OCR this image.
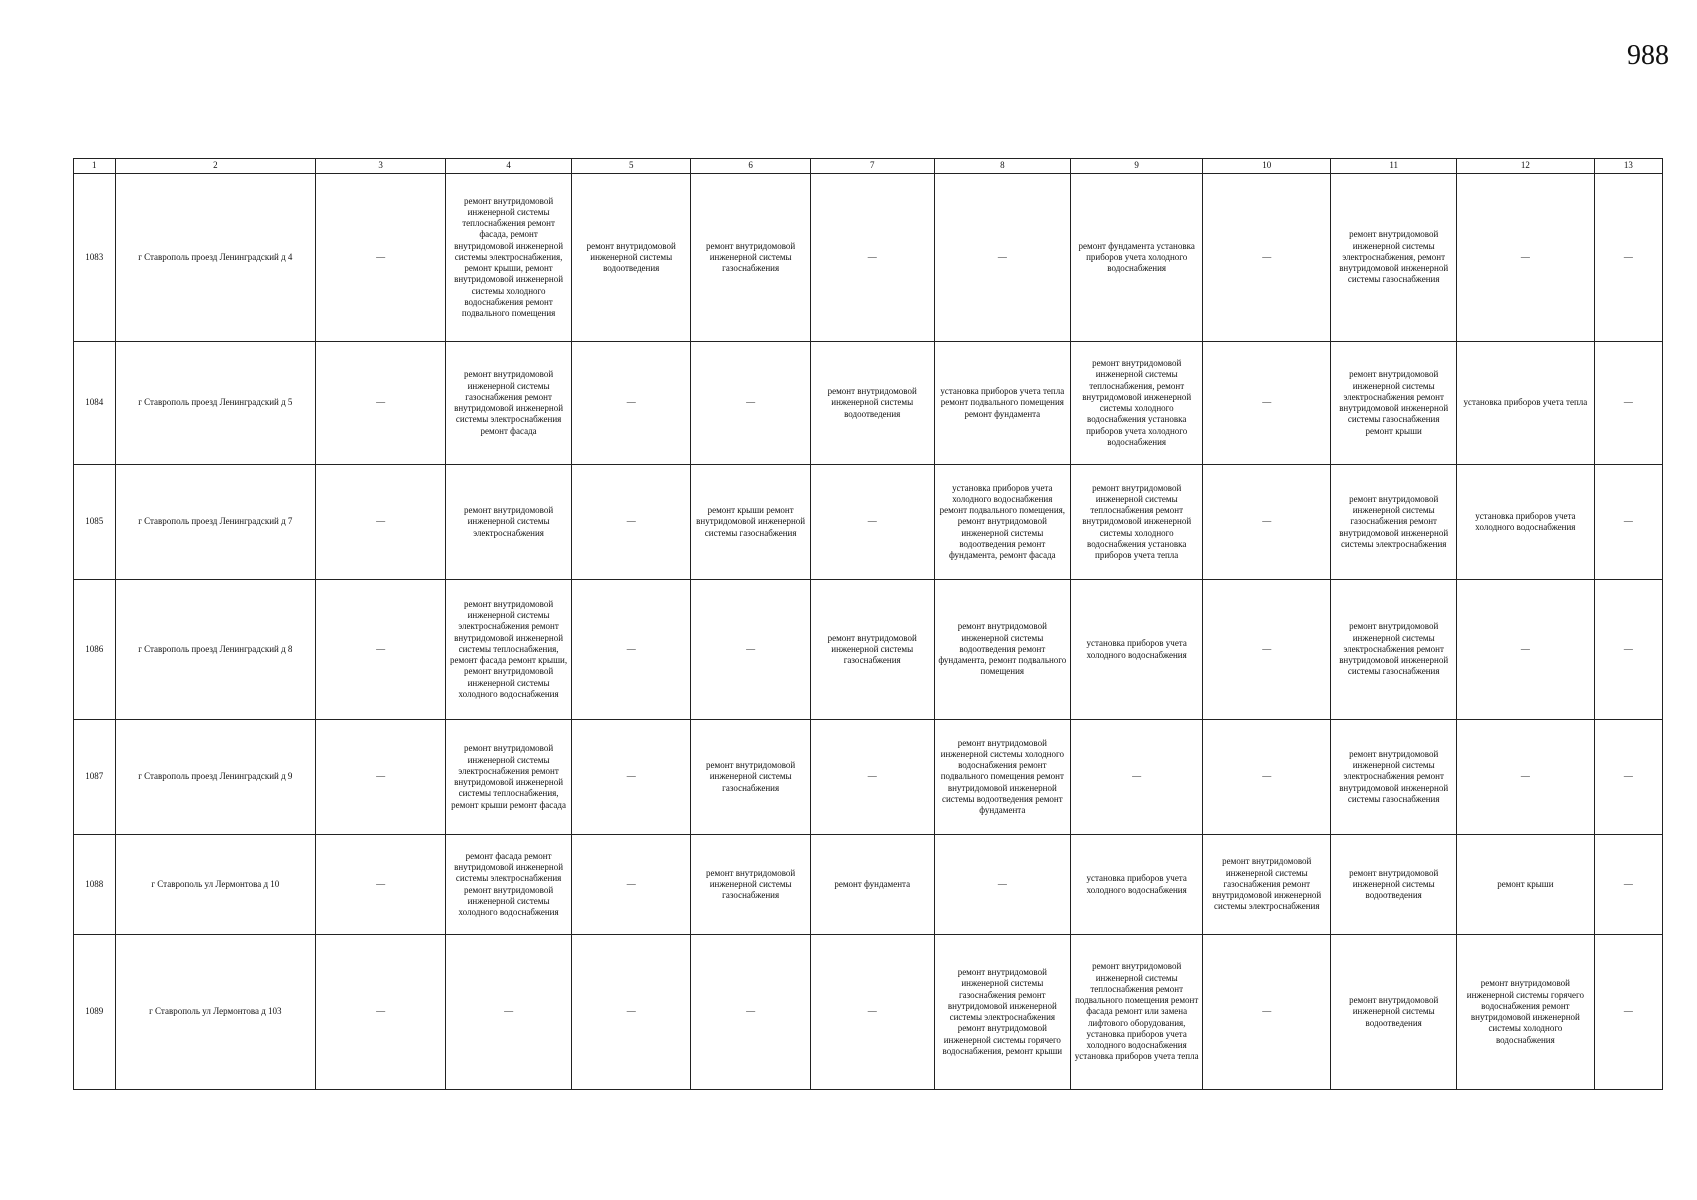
988
1	2	3	4	5	6	7	8	9	10	11	12	13
1083	г Ставрополь проезд Ленинградский д 4	—	ремонт внутридомовой инженерной системы теплоснабжения ремонт фасада, ремонт внутридомовой инженерной системы электроснабжения, ремонт крыши, ремонт внутридомовой инженерной системы холодного водоснабжения ремонт подвального помещения	ремонт внутридомовой инженерной системы водоотведения	ремонт внутридомовой инженерной системы газоснабжения	—	—	ремонт фундамента установка приборов учета холодного водоснабжения	—	ремонт внутридомовой инженерной системы электроснабжения, ремонт внутридомовой инженерной системы газоснабжения	—	—
1084	г Ставрополь проезд Ленинградский д 5	—	ремонт внутридомовой инженерной системы газоснабжения ремонт внутридомовой инженерной системы электроснабжения ремонт фасада	—	—	ремонт внутридомовой инженерной системы водоотведения	установка приборов учета тепла ремонт подвального помещения ремонт фундамента	ремонт внутридомовой инженерной системы теплоснабжения, ремонт внутридомовой инженерной системы холодного водоснабжения установка приборов учета холодного водоснабжения	—	ремонт внутридомовой инженерной системы электроснабжения ремонт внутридомовой инженерной системы газоснабжения ремонт крыши	установка приборов учета тепла	—
1085	г Ставрополь проезд Ленинградский д 7	—	ремонт внутридомовой инженерной системы электроснабжения	—	ремонт крыши ремонт внутридомовой инженерной системы газоснабжения	—	установка приборов учета холодного водоснабжения ремонт подвального помещения, ремонт внутридомовой инженерной системы водоотведения ремонт фундамента, ремонт фасада	ремонт внутридомовой инженерной системы теплоснабжения ремонт внутридомовой инженерной системы холодного водоснабжения установка приборов учета тепла	—	ремонт внутридомовой инженерной системы газоснабжения ремонт внутридомовой инженерной системы электроснабжения	установка приборов учета холодного водоснабжения	—
1086	г Ставрополь проезд Ленинградский д 8	—	ремонт внутридомовой инженерной системы электроснабжения ремонт внутридомовой инженерной системы теплоснабжения, ремонт фасада ремонт крыши, ремонт внутридомовой инженерной системы холодного водоснабжения	—	—	ремонт внутридомовой инженерной системы газоснабжения	ремонт внутридомовой инженерной системы водоотведения ремонт фундамента, ремонт подвального помещения	установка приборов учета холодного водоснабжения	—	ремонт внутридомовой инженерной системы электроснабжения ремонт внутридомовой инженерной системы газоснабжения	—	—
1087	г Ставрополь проезд Ленинградский д 9	—	ремонт внутридомовой инженерной системы электроснабжения ремонт внутридомовой инженерной системы теплоснабжения, ремонт крыши ремонт фасада	—	ремонт внутридомовой инженерной системы газоснабжения	—	ремонт внутридомовой инженерной системы холодного водоснабжения ремонт подвального помещения ремонт внутридомовой инженерной системы водоотведения ремонт фундамента	—	—	ремонт внутридомовой инженерной системы электроснабжения ремонт внутридомовой инженерной системы газоснабжения	—	—
1088	г Ставрополь ул Лермонтова д 10	—	ремонт фасада ремонт внутридомовой инженерной системы электроснабжения ремонт внутридомовой инженерной системы холодного водоснабжения	—	ремонт внутридомовой инженерной системы газоснабжения	ремонт фундамента	—	установка приборов учета холодного водоснабжения	ремонт внутридомовой инженерной системы газоснабжения ремонт внутридомовой инженерной системы электроснабжения	ремонт внутридомовой инженерной системы водоотведения	ремонт крыши	—
1089	г Ставрополь ул Лермонтова д 103	—	—	—	—	—	ремонт внутридомовой инженерной системы газоснабжения ремонт внутридомовой инженерной системы электроснабжения ремонт внутридомовой инженерной системы горячего водоснабжения, ремонт крыши	ремонт внутридомовой инженерной системы теплоснабжения ремонт подвального помещения ремонт фасада ремонт или замена лифтового оборудования, установка приборов учета холодного водоснабжения установка приборов учета тепла	—	ремонт внутридомовой инженерной системы водоотведения	ремонт внутридомовой инженерной системы горячего водоснабжения ремонт внутридомовой инженерной системы холодного водоснабжения	—
